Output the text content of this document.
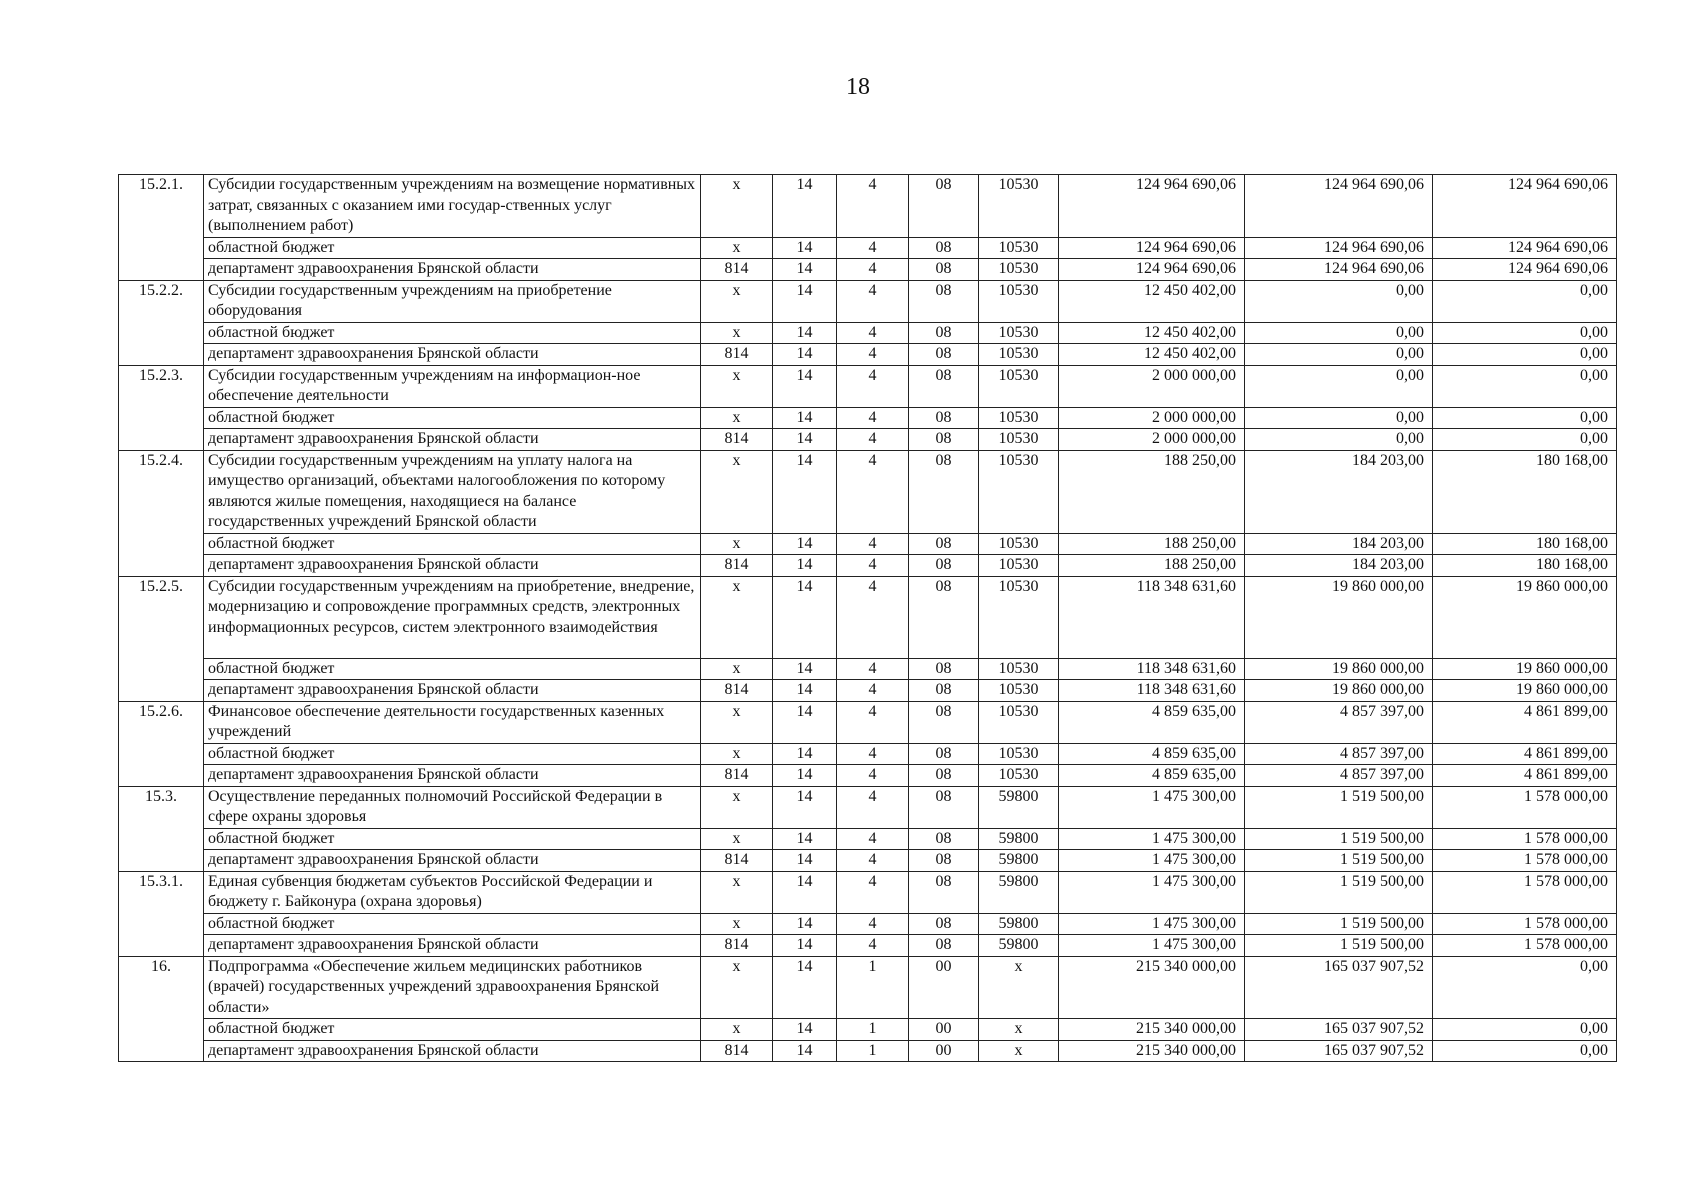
18
15.2.1.	Субсидии государственным учреждениям на возмещение нормативных затрат, связанных с оказанием ими государ-ственных услуг (выполнением работ)	х	14	4	08	10530	124 964 690,06	124 964 690,06	124 964 690,06
	областной бюджет	х	14	4	08	10530	124 964 690,06	124 964 690,06	124 964 690,06
	департамент здравоохранения Брянской области	814	14	4	08	10530	124 964 690,06	124 964 690,06	124 964 690,06
15.2.2.	Субсидии государственным учреждениям на приобретение оборудования	х	14	4	08	10530	12 450 402,00	0,00	0,00
	областной бюджет	х	14	4	08	10530	12 450 402,00	0,00	0,00
	департамент здравоохранения Брянской области	814	14	4	08	10530	12 450 402,00	0,00	0,00
15.2.3.	Субсидии государственным учреждениям на информацион-ное обеспечение деятельности	х	14	4	08	10530	2 000 000,00	0,00	0,00
	областной бюджет	х	14	4	08	10530	2 000 000,00	0,00	0,00
	департамент здравоохранения Брянской области	814	14	4	08	10530	2 000 000,00	0,00	0,00
15.2.4.	Субсидии государственным учреждениям на уплату налога на имущество организаций, объектами налогообложения по которому являются жилые помещения, находящиеся на балансе государственных учреждений Брянской области	х	14	4	08	10530	188 250,00	184 203,00	180 168,00
	областной бюджет	х	14	4	08	10530	188 250,00	184 203,00	180 168,00
	департамент здравоохранения Брянской области	814	14	4	08	10530	188 250,00	184 203,00	180 168,00
15.2.5.	Субсидии государственным учреждениям на приобретение, внедрение, модернизацию и сопровождение программных средств, электронных информационных ресурсов, систем электронного взаимодействия	х	14	4	08	10530	118 348 631,60	19 860 000,00	19 860 000,00
	областной бюджет	х	14	4	08	10530	118 348 631,60	19 860 000,00	19 860 000,00
	департамент здравоохранения Брянской области	814	14	4	08	10530	118 348 631,60	19 860 000,00	19 860 000,00
15.2.6.	Финансовое обеспечение деятельности государственных казенных учреждений	х	14	4	08	10530	4 859 635,00	4 857 397,00	4 861 899,00
	областной бюджет	х	14	4	08	10530	4 859 635,00	4 857 397,00	4 861 899,00
	департамент здравоохранения Брянской области	814	14	4	08	10530	4 859 635,00	4 857 397,00	4 861 899,00
15.3.	Осуществление переданных полномочий Российской Федерации в сфере охраны здоровья	х	14	4	08	59800	1 475 300,00	1 519 500,00	1 578 000,00
	областной бюджет	х	14	4	08	59800	1 475 300,00	1 519 500,00	1 578 000,00
	департамент здравоохранения Брянской области	814	14	4	08	59800	1 475 300,00	1 519 500,00	1 578 000,00
15.3.1.	Единая субвенция бюджетам субъектов Российской Федерации и бюджету г. Байконура (охрана здоровья)	х	14	4	08	59800	1 475 300,00	1 519 500,00	1 578 000,00
	областной бюджет	х	14	4	08	59800	1 475 300,00	1 519 500,00	1 578 000,00
	департамент здравоохранения Брянской области	814	14	4	08	59800	1 475 300,00	1 519 500,00	1 578 000,00
16.	Подпрограмма «Обеспечение жильем медицинских работников (врачей) государственных учреждений здравоохранения Брянской области»	х	14	1	00	х	215 340 000,00	165 037 907,52	0,00
	областной бюджет	х	14	1	00	х	215 340 000,00	165 037 907,52	0,00
	департамент здравоохранения Брянской области	814	14	1	00	х	215 340 000,00	165 037 907,52	0,00
